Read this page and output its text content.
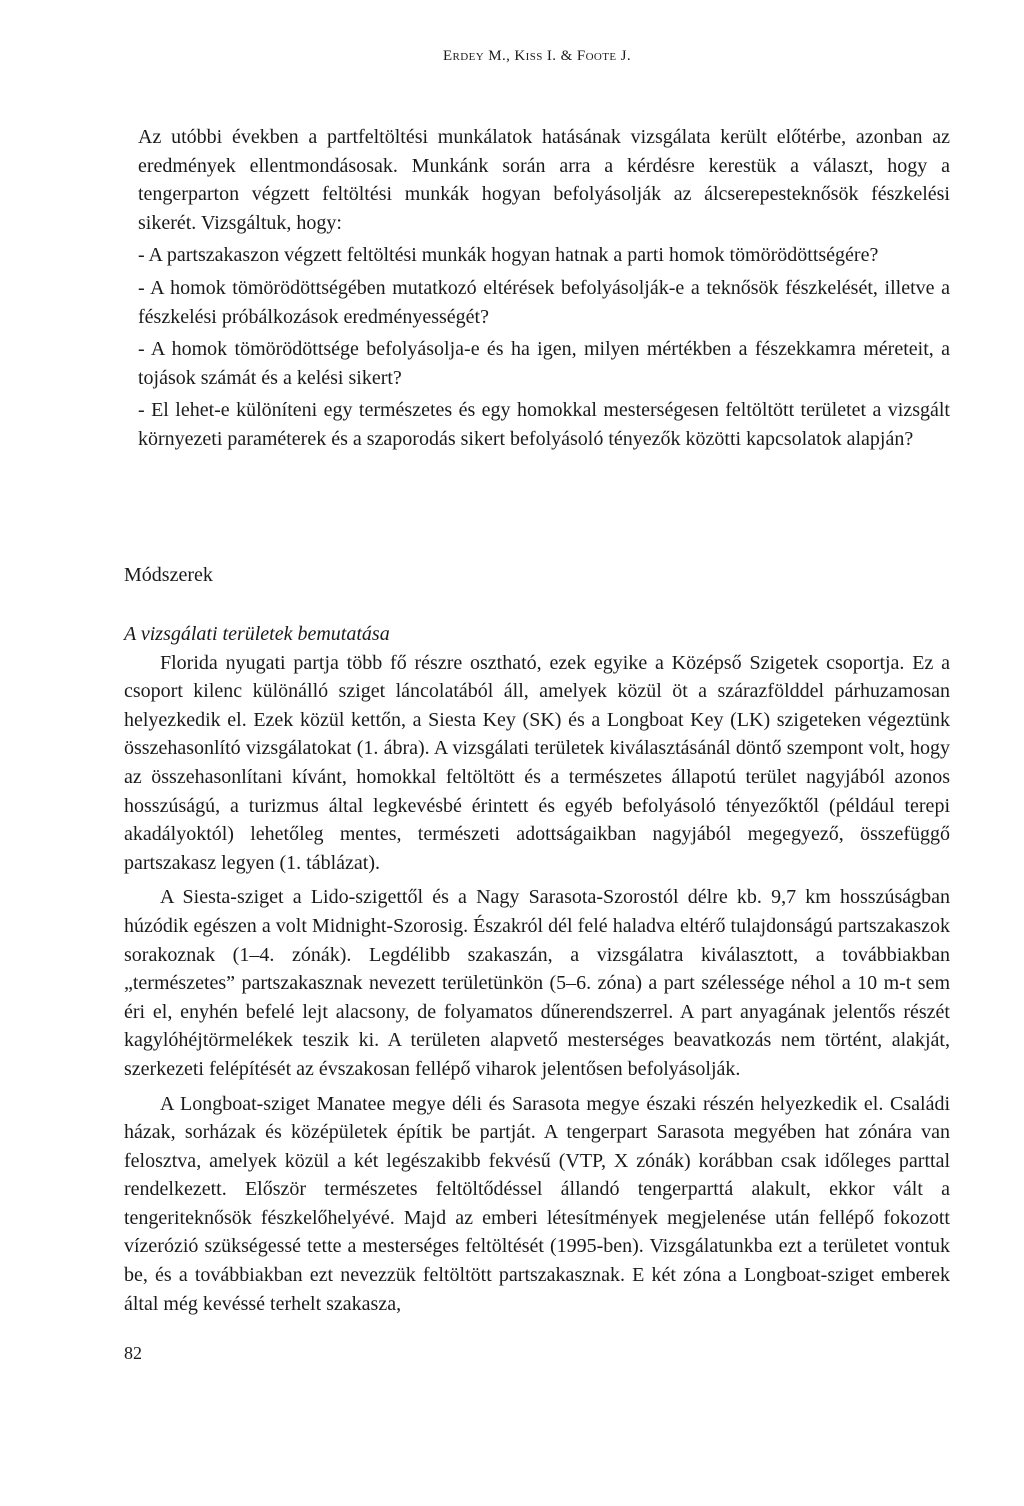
Erdey M., Kiss I. & Foote J.

Az utóbbi években a partfeltöltési munkálatok hatásának vizsgálata került előtérbe, azonban az eredmények ellentmondásosak. Munkánk során arra a kérdésre kerestük a választ, hogy a tengerparton végzett feltöltési munkák hogyan befolyásolják az álcserepesteknősök fészkelési sikerét. Vizsgáltuk, hogy:

- A partszakaszon végzett feltöltési munkák hogyan hatnak a parti homok tömörödöttségére?

- A homok tömörödöttségében mutatkozó eltérések befolyásolják-e a teknősök fészkelését, illetve a fészkelési próbálkozások eredményességét?

- A homok tömörödöttsége befolyásolja-e és ha igen, milyen mértékben a fészekkamra méreteit, a tojások számát és a kelési sikert?

- El lehet-e különíteni egy természetes és egy homokkal mesterségesen feltöltött területet a vizsgált környezeti paraméterek és a szaporodás sikert befolyásoló tényezők közötti kapcsolatok alapján?

Módszerek

A vizsgálati területek bemutatása

Florida nyugati partja több fő részre osztható, ezek egyike a Középső Szigetek csoportja. Ez a csoport kilenc különálló sziget láncolatából áll, amelyek közül öt a szárazfölddel párhuzamosan helyezkedik el. Ezek közül kettőn, a Siesta Key (SK) és a Longboat Key (LK) szigeteken végeztünk összehasonlító vizsgálatokat (1. ábra). A vizsgálati területek kiválasztásánál döntő szempont volt, hogy az összehasonlítani kívánt, homokkal feltöltött és a természetes állapotú terület nagyjából azonos hosszúságú, a turizmus által legkevésbé érintett és egyéb befolyásoló tényezőktől (például terepi akadályoktól) lehetőleg mentes, természeti adottságaikban nagyjából megegyező, összefüggő partszakasz legyen (1. táblázat).

A Siesta-sziget a Lido-szigettől és a Nagy Sarasota-Szorostól délre kb. 9,7 km hosszúságban húzódik egészen a volt Midnight-Szorosig. Északról dél felé haladva eltérő tulajdonságú partszakaszok sorakoznak (1–4. zónák). Legdélibb szakaszán, a vizsgálatra kiválasztott, a továbbiakban „természetes” partszakasznak nevezett területünkön (5–6. zóna) a part szélessége néhol a 10 m-t sem éri el, enyhén befelé lejt alacsony, de folyamatos dűnerendszerrel. A part anyagának jelentős részét kagylóhéjtörmelékek teszik ki. A területen alapvető mesterséges beavatkozás nem történt, alakját, szerkezeti felépítését az évszakosan fellépő viharok jelentősen befolyásolják.

A Longboat-sziget Manatee megye déli és Sarasota megye északi részén helyezkedik el. Családi házak, sorházak és középületek építik be partját. A tengerpart Sarasota megyében hat zónára van felosztva, amelyek közül a két legészakibb fekvésű (VTP, X zónák) korábban csak időleges parttal rendelkezett. Először természetes feltöltődéssel állandó tengerparttá alakult, ekkor vált a tengeriteknősök fészkelőhelyévé. Majd az emberi létesítmények megjelenése után fellépő fokozott vízerózió szükségessé tette a mesterséges feltöltését (1995-ben). Vizsgálatunkba ezt a területet vontuk be, és a továbbiakban ezt nevezzük feltöltött partszakasznak. E két zóna a Longboat-sziget emberek által még kevéssé terhelt szakasza,

82
